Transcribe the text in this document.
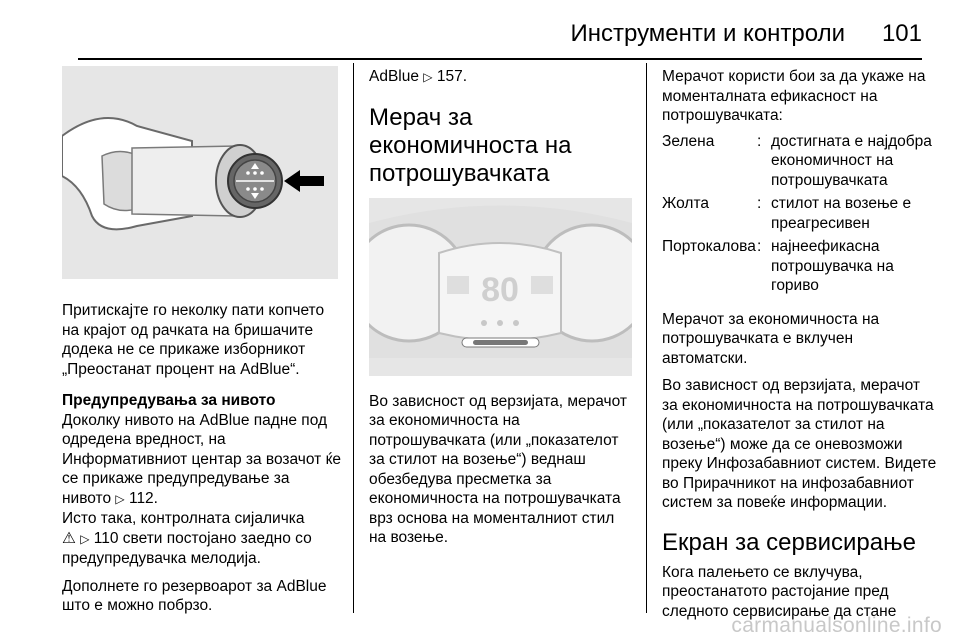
Инструменти и контроли 101

Притискајте го неколку пати копчето на крајот од рачката на бришачите додека не се прикаже изборникот „Преостанат процент на AdBlue“.

Предупредувања за нивото

Доколку нивото на AdBlue падне под одредена вредност, на Информативниот центар за возачот ќе се прикаже предупредување за нивото ▷ 112.
Исто така, контролната сијаличка
⚠ ▷ 110 свети постојано заедно со предупредувачка мелодија.

Дополнете го резервоарот за AdBlue што е можно побрзо.

AdBlue ▷ 157.

Мерач за економичноста на потрошувачката
80

Во зависност од верзијата, мерачот за економичноста на потрошувачката (или „показателот за стилот на возење“) веднаш обезбедува пресметка за економичноста на потрошувачката врз основа на моменталниот стил на возење.

Мерачот користи бои за да укаже на моменталната ефикасност на потрошувачката:

Зелена	:	достигната е најдобра економичност на потрошувачката
Жолта	:	стилот на возење е преагресивен
Портокалова	:	најнеефикасна потрошувачка на гориво

Мерачот за економичноста на потрошувачката е вклучен автоматски.

Во зависност од верзијата, мерачот за економичноста на потрошувачката (или „показателот за стилот на возење“) може да се оневозможи преку Инфозабавниот систем. Видете во Прирачникот на инфозабавниот систем за повеќе информации.

Екран за сервисирање

Кога палењето се вклучува, преостанатото растојание пред следното сервисирање да стане

carmanualsonline.info
